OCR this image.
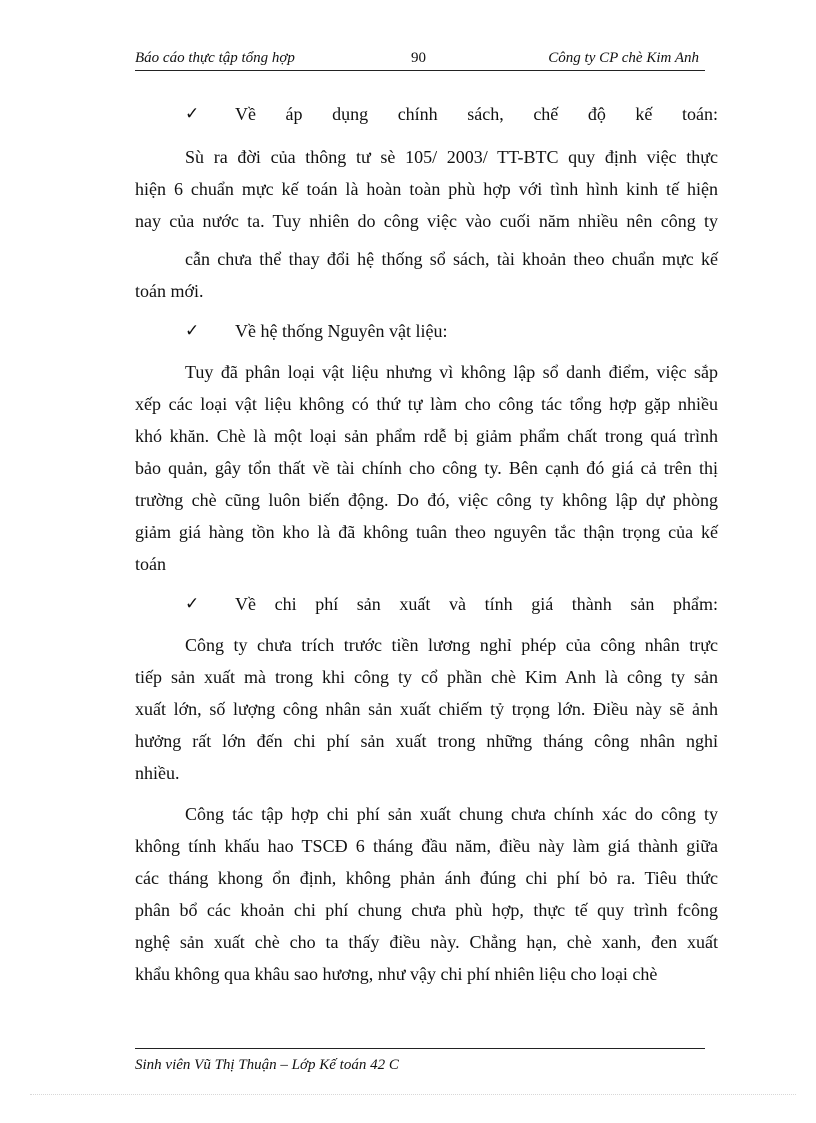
Báo cáo thực tập tổng hợp	90	Công ty CP chè Kim Anh
✓	Về áp dụng chính sách, chế độ kế toán:
Sù ra đời của thông tư sè 105/ 2003/ TT-BTC quy định việc thực
hiện 6 chuẩn mực kế toán là hoàn toàn phù hợp với tình hình kinh tế hiện
nay của nước ta. Tuy nhiên do công việc vào cuối năm nhiều nên công ty
cẫn chưa thể thay đổi hệ thống sổ sách, tài khoản theo chuẩn mực kế
toán mới.
✓	Về hệ thống Nguyên vật liệu:
Tuy đã phân loại vật liệu nhưng vì không lập sổ danh điểm, việc sắp
xếp các loại vật liệu không có thứ tự làm cho công tác tổng hợp gặp nhiều
khó khăn. Chè là một loại sản phẩm rdễ bị giảm phẩm chất trong quá trình
bảo quản, gây tổn thất về tài chính cho công ty. Bên cạnh đó giá cả trên thị
trường chè cũng luôn biến động. Do đó, việc công ty không lập dự phòng
giảm giá hàng tồn kho là đã không tuân theo nguyên tắc thận trọng của kế
toán
✓	Về chi phí sản xuất và tính giá thành sản phẩm:
Công ty chưa trích trước tiền lương nghỉ phép của công nhân trực
tiếp sản xuất mà trong khi công ty cổ phần chè Kim Anh là công ty sản
xuất lớn, số lượng công nhân sản xuất chiếm tỷ trọng lớn. Điều này sẽ ảnh
hưởng rất lớn đến chi phí sản xuất trong những tháng công nhân nghỉ
nhiều.
Công tác tập hợp chi phí sản xuất chung chưa chính xác do công ty
không tính khấu hao TSCĐ 6 tháng đầu năm, điều này làm giá thành giữa
các tháng khong ổn định, không phản ánh đúng chi phí bỏ ra. Tiêu thức
phân bổ các khoản chi phí chung chưa phù hợp, thực tế quy trình fcông
nghệ sản xuất chè cho ta thấy điều này. Chẳng hạn, chè xanh, đen xuất
khẩu không qua khâu sao hương, như vậy chi phí nhiên liệu cho loại chè
Sinh viên Vũ Thị Thuận – Lớp Kế toán 42 C
